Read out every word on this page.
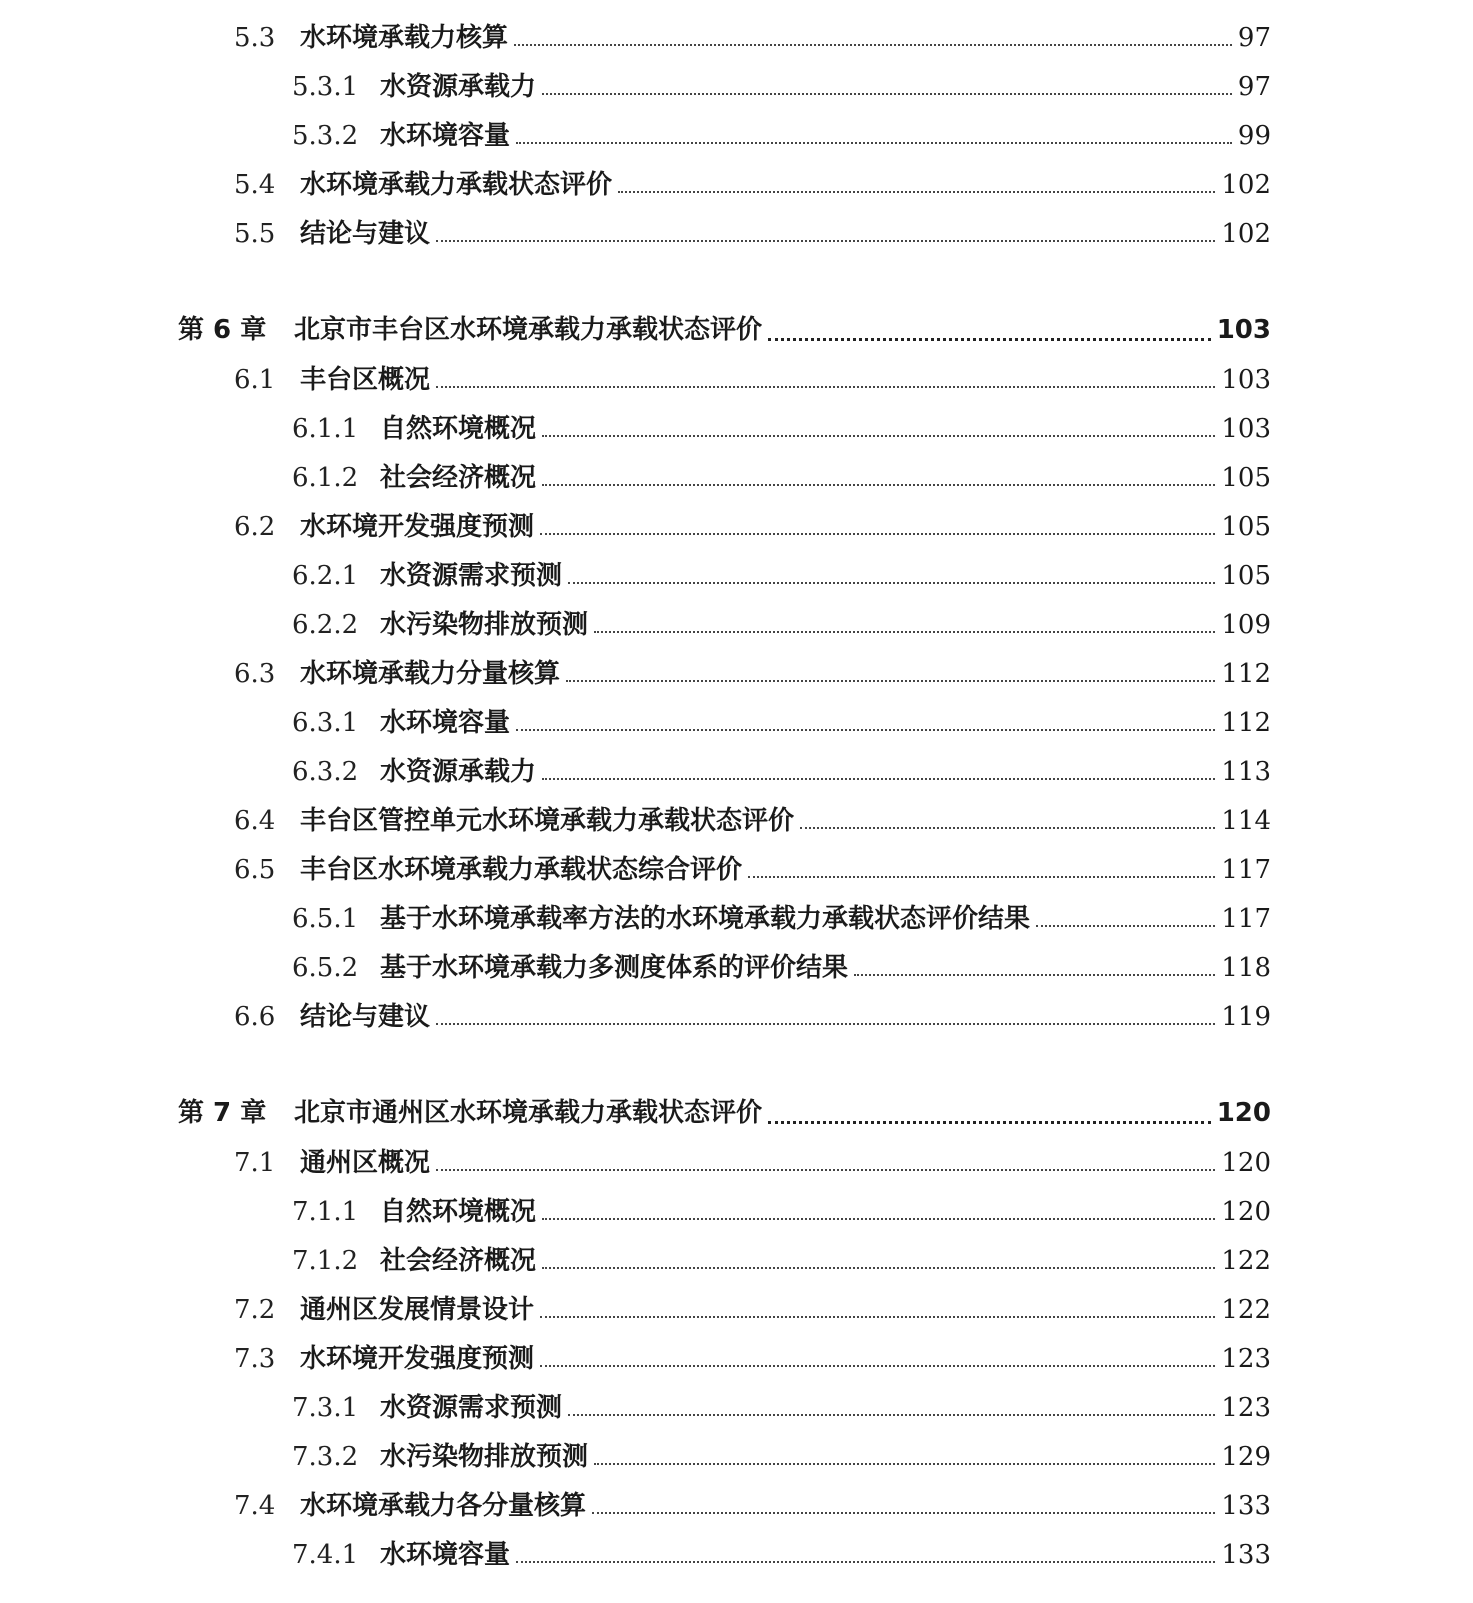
5.3 水环境承载力核算	97
5.3.1 水资源承载力	97
5.3.2 水环境容量	99
5.4 水环境承载力承载状态评价	102
5.5 结论与建议	102
第 6 章 北京市丰台区水环境承载力承载状态评价	103
6.1 丰台区概况	103
6.1.1 自然环境概况	103
6.1.2 社会经济概况	105
6.2 水环境开发强度预测	105
6.2.1 水资源需求预测	105
6.2.2 水污染物排放预测	109
6.3 水环境承载力分量核算	112
6.3.1 水环境容量	112
6.3.2 水资源承载力	113
6.4 丰台区管控单元水环境承载力承载状态评价	114
6.5 丰台区水环境承载力承载状态综合评价	117
6.5.1 基于水环境承载率方法的水环境承载力承载状态评价结果	117
6.5.2 基于水环境承载力多测度体系的评价结果	118
6.6 结论与建议	119
第 7 章 北京市通州区水环境承载力承载状态评价	120
7.1 通州区概况	120
7.1.1 自然环境概况	120
7.1.2 社会经济概况	122
7.2 通州区发展情景设计	122
7.3 水环境开发强度预测	123
7.3.1 水资源需求预测	123
7.3.2 水污染物排放预测	129
7.4 水环境承载力各分量核算	133
7.4.1 水环境容量	133
